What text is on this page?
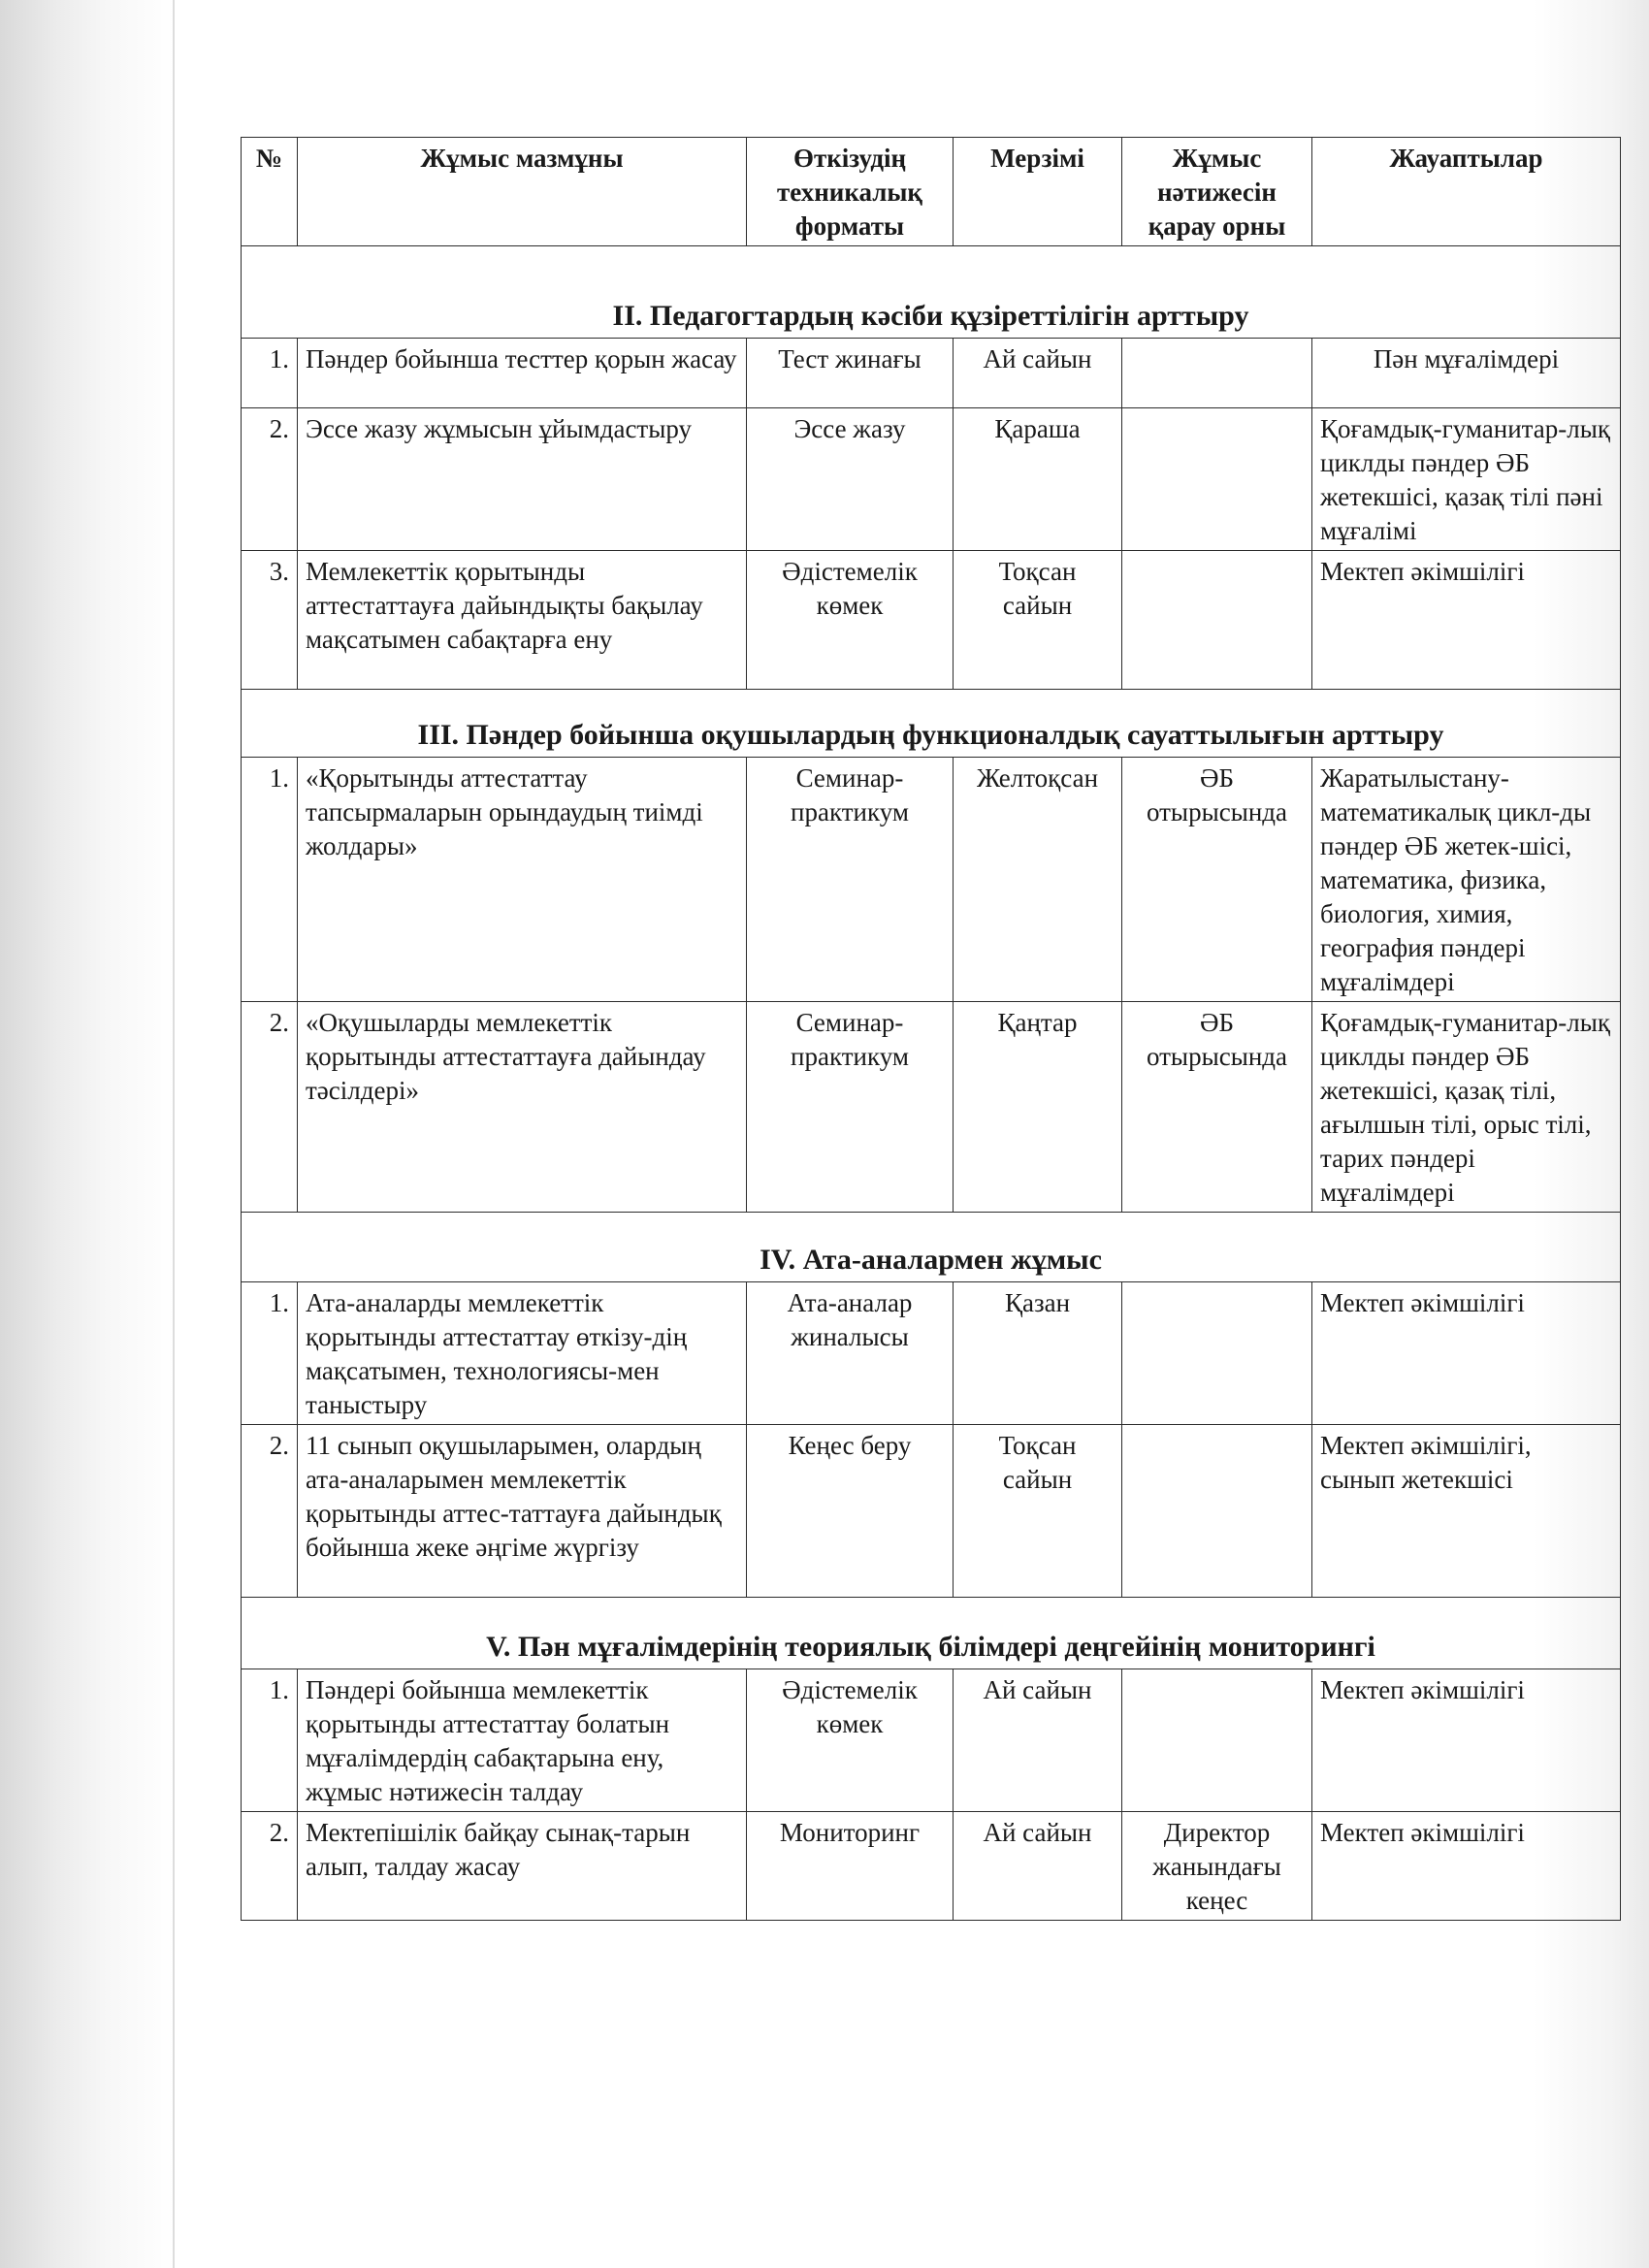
№	Жұмыс мазмұны	Өткізудің техникалық форматы	Мерзімі	Жұмыс нәтижесін қарау орны	Жауаптылар
II. Педагогтардың кәсіби құзіреттілігін арттыру					
1.	Пәндер бойынша тесттер қорын жасау	Тест жинағы	Ай сайын		Пән мұғалімдері
2.	Эссе жазу жұмысын ұйымдастыру	Эссе жазу	Қараша		Қоғамдық-гуманитар-лық циклды пәндер ӘБ жетекшісі, қазақ тілі пәні мұғалімі
3.	Мемлекеттік қорытынды аттестаттауға дайындықты бақылау мақсатымен сабақтарға ену	Әдістемелік көмек	Тоқсан сайын		Мектеп әкімшілігі
III. Пәндер бойынша оқушылардың функционалдық сауаттылығын арттыру					
1.	«Қорытынды аттестаттау тапсырмаларын орындаудың тиімді жолдары»	Семинар-практикум	Желтоқсан	ӘБ отырысында	Жаратылыстану-математикалық цикл-ды пәндер ӘБ жетек-шісі, математика, физика, биология, химия, география пәндері мұғалімдері
2.	«Оқушыларды мемлекеттік қорытынды аттестаттауға дайындау тәсілдері»	Семинар-практикум	Қаңтар	ӘБ отырысында	Қоғамдық-гуманитар-лық циклды пәндер ӘБ жетекшісі, қазақ тілі, ағылшын тілі, орыс тілі, тарих пәндері мұғалімдері
IV. Ата-аналармен жұмыс					
1.	Ата-аналарды мемлекеттік қорытынды аттестаттау өткізу-дің мақсатымен, технологиясы-мен таныстыру	Ата-аналар жиналысы	Қазан		Мектеп әкімшілігі
2.	11 сынып оқушыларымен, олардың ата-аналарымен мемлекеттік қорытынды аттес-таттауға дайындық бойынша жеке әңгіме жүргізу	Кеңес беру	Тоқсан сайын		Мектеп әкімшілігі, сынып жетекшісі
V. Пән мұғалімдерінің теориялық білімдері деңгейінің мониторингі					
1.	Пәндері бойынша мемлекеттік қорытынды аттестаттау болатын мұғалімдердің сабақтарына ену, жұмыс нәтижесін талдау	Әдістемелік көмек	Ай сайын		Мектеп әкімшілігі
2.	Мектепішілік байқау сынақ-тарын алып, талдау жасау	Мониторинг	Ай сайын	Директор жанындағы кеңес	Мектеп әкімшілігі
